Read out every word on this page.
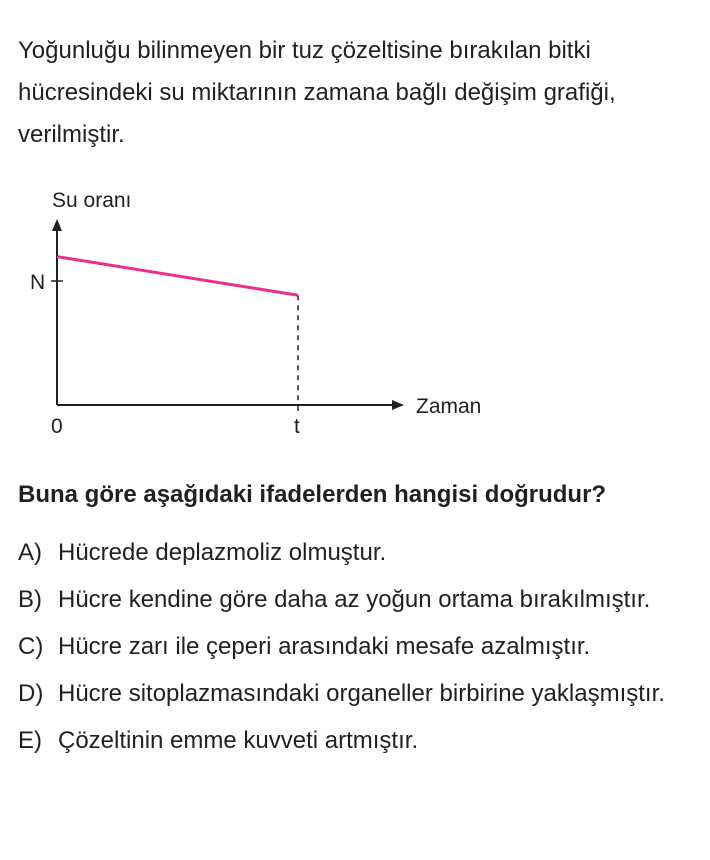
Yoğunluğu bilinmeyen bir tuz çözeltisine bırakılan bitki hücresindeki su miktarının zamana bağlı değişim grafiği, verilmiştir.

Su oranı
Zaman
N
0	t

Buna göre aşağıdaki ifadelerden hangisi doğrudur?

A) Hücrede deplazmoliz olmuştur.
B) Hücre kendine göre daha az yoğun ortama bırakılmıştır.
C) Hücre zarı ile çeperi arasındaki mesafe azalmıştır.
D) Hücre sitoplazmasındaki organeller birbirine yaklaşmıştır.
E) Çözeltinin emme kuvveti artmıştır.
